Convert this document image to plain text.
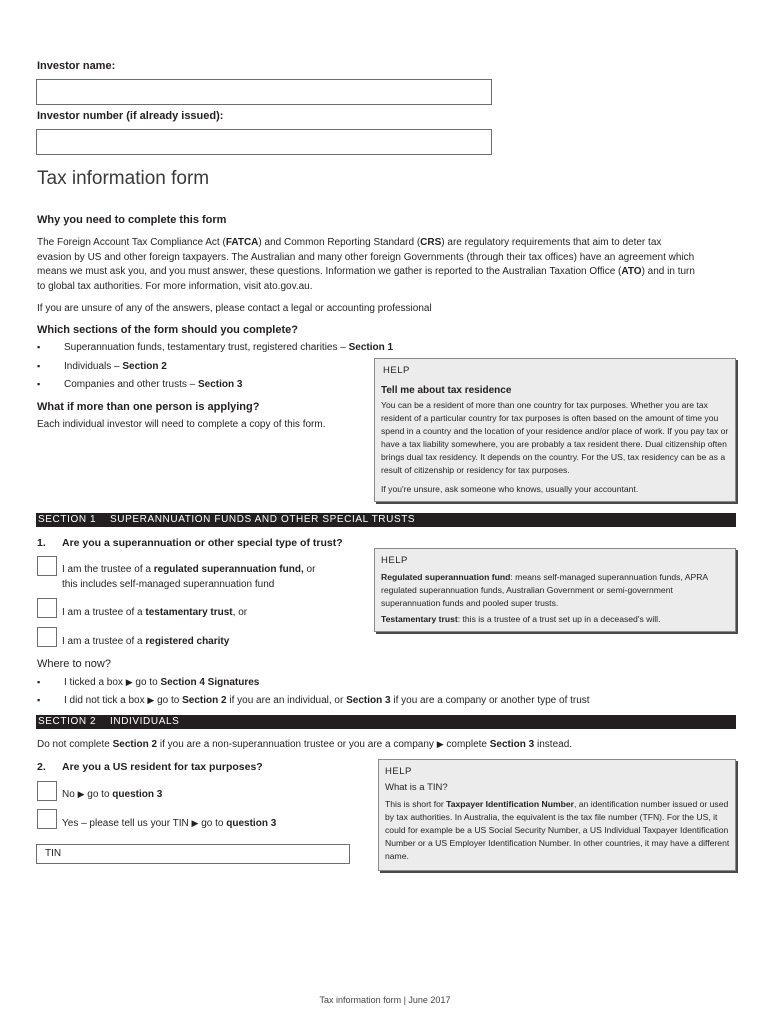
Investor name:
Investor number (if already issued):
Tax information form
Why you need to complete this form
The Foreign Account Tax Compliance Act (FATCA) and Common Reporting Standard (CRS) are regulatory requirements that aim to deter tax evasion by US and other foreign taxpayers. The Australian and many other foreign Governments (through their tax offices) have an agreement which means we must ask you, and you must answer, these questions. Information we gather is reported to the Australian Taxation Office (ATO) and in turn to global tax authorities. For more information, visit ato.gov.au.
If you are unsure of any of the answers, please contact a legal or accounting professional
Which sections of the form should you complete?
▪ Superannuation funds, testamentary trust, registered charities – Section 1
▪ Individuals – Section 2
▪ Companies and other trusts – Section 3
What if more than one person is applying?
Each individual investor will need to complete a copy of this form.
HELP
Tell me about tax residence
You can be a resident of more than one country for tax purposes. Whether you are tax resident of a particular country for tax purposes is often based on the amount of time you spend in a country and the location of your residence and/or place of work. If you pay tax or have a tax liability somewhere, you are probably a tax resident there. Dual citizenship often brings dual tax residency. It depends on the country. For the US, tax residency can be as a result of citizenship or residency for tax purposes.
If you're unsure, ask someone who knows, usually your accountant.
SECTION 1 SUPERANNUATION FUNDS AND OTHER SPECIAL TRUSTS
1. Are you a superannuation or other special type of trust?
I am the trustee of a regulated superannuation fund, or
this includes self-managed superannuation fund
I am a trustee of a testamentary trust, or
I am a trustee of a registered charity
HELP
Regulated superannuation fund: means self-managed superannuation funds, APRA regulated superannuation funds, Australian Government or semi-government superannuation funds and pooled super trusts.
Testamentary trust: this is a trustee of a trust set up in a deceased's will.
Where to now?
▪ I ticked a box ▶ go to Section 4 Signatures
▪ I did not tick a box ▶ go to Section 2 if you are an individual, or Section 3 if you are a company or another type of trust
SECTION 2 INDIVIDUALS
Do not complete Section 2 if you are a non-superannuation trustee or you are a company ▶ complete Section 3 instead.
2. Are you a US resident for tax purposes?
No ▶ go to question 3
Yes – please tell us your TIN ▶ go to question 3
TIN
HELP
What is a TIN?
This is short for Taxpayer Identification Number, an identification number issued or used by tax authorities. In Australia, the equivalent is the tax file number (TFN). For the US, it could for example be a US Social Security Number, a US Individual Taxpayer Identification Number or a US Employer Identification Number. In other countries, it may have a different name.
Tax information form | June 2017
